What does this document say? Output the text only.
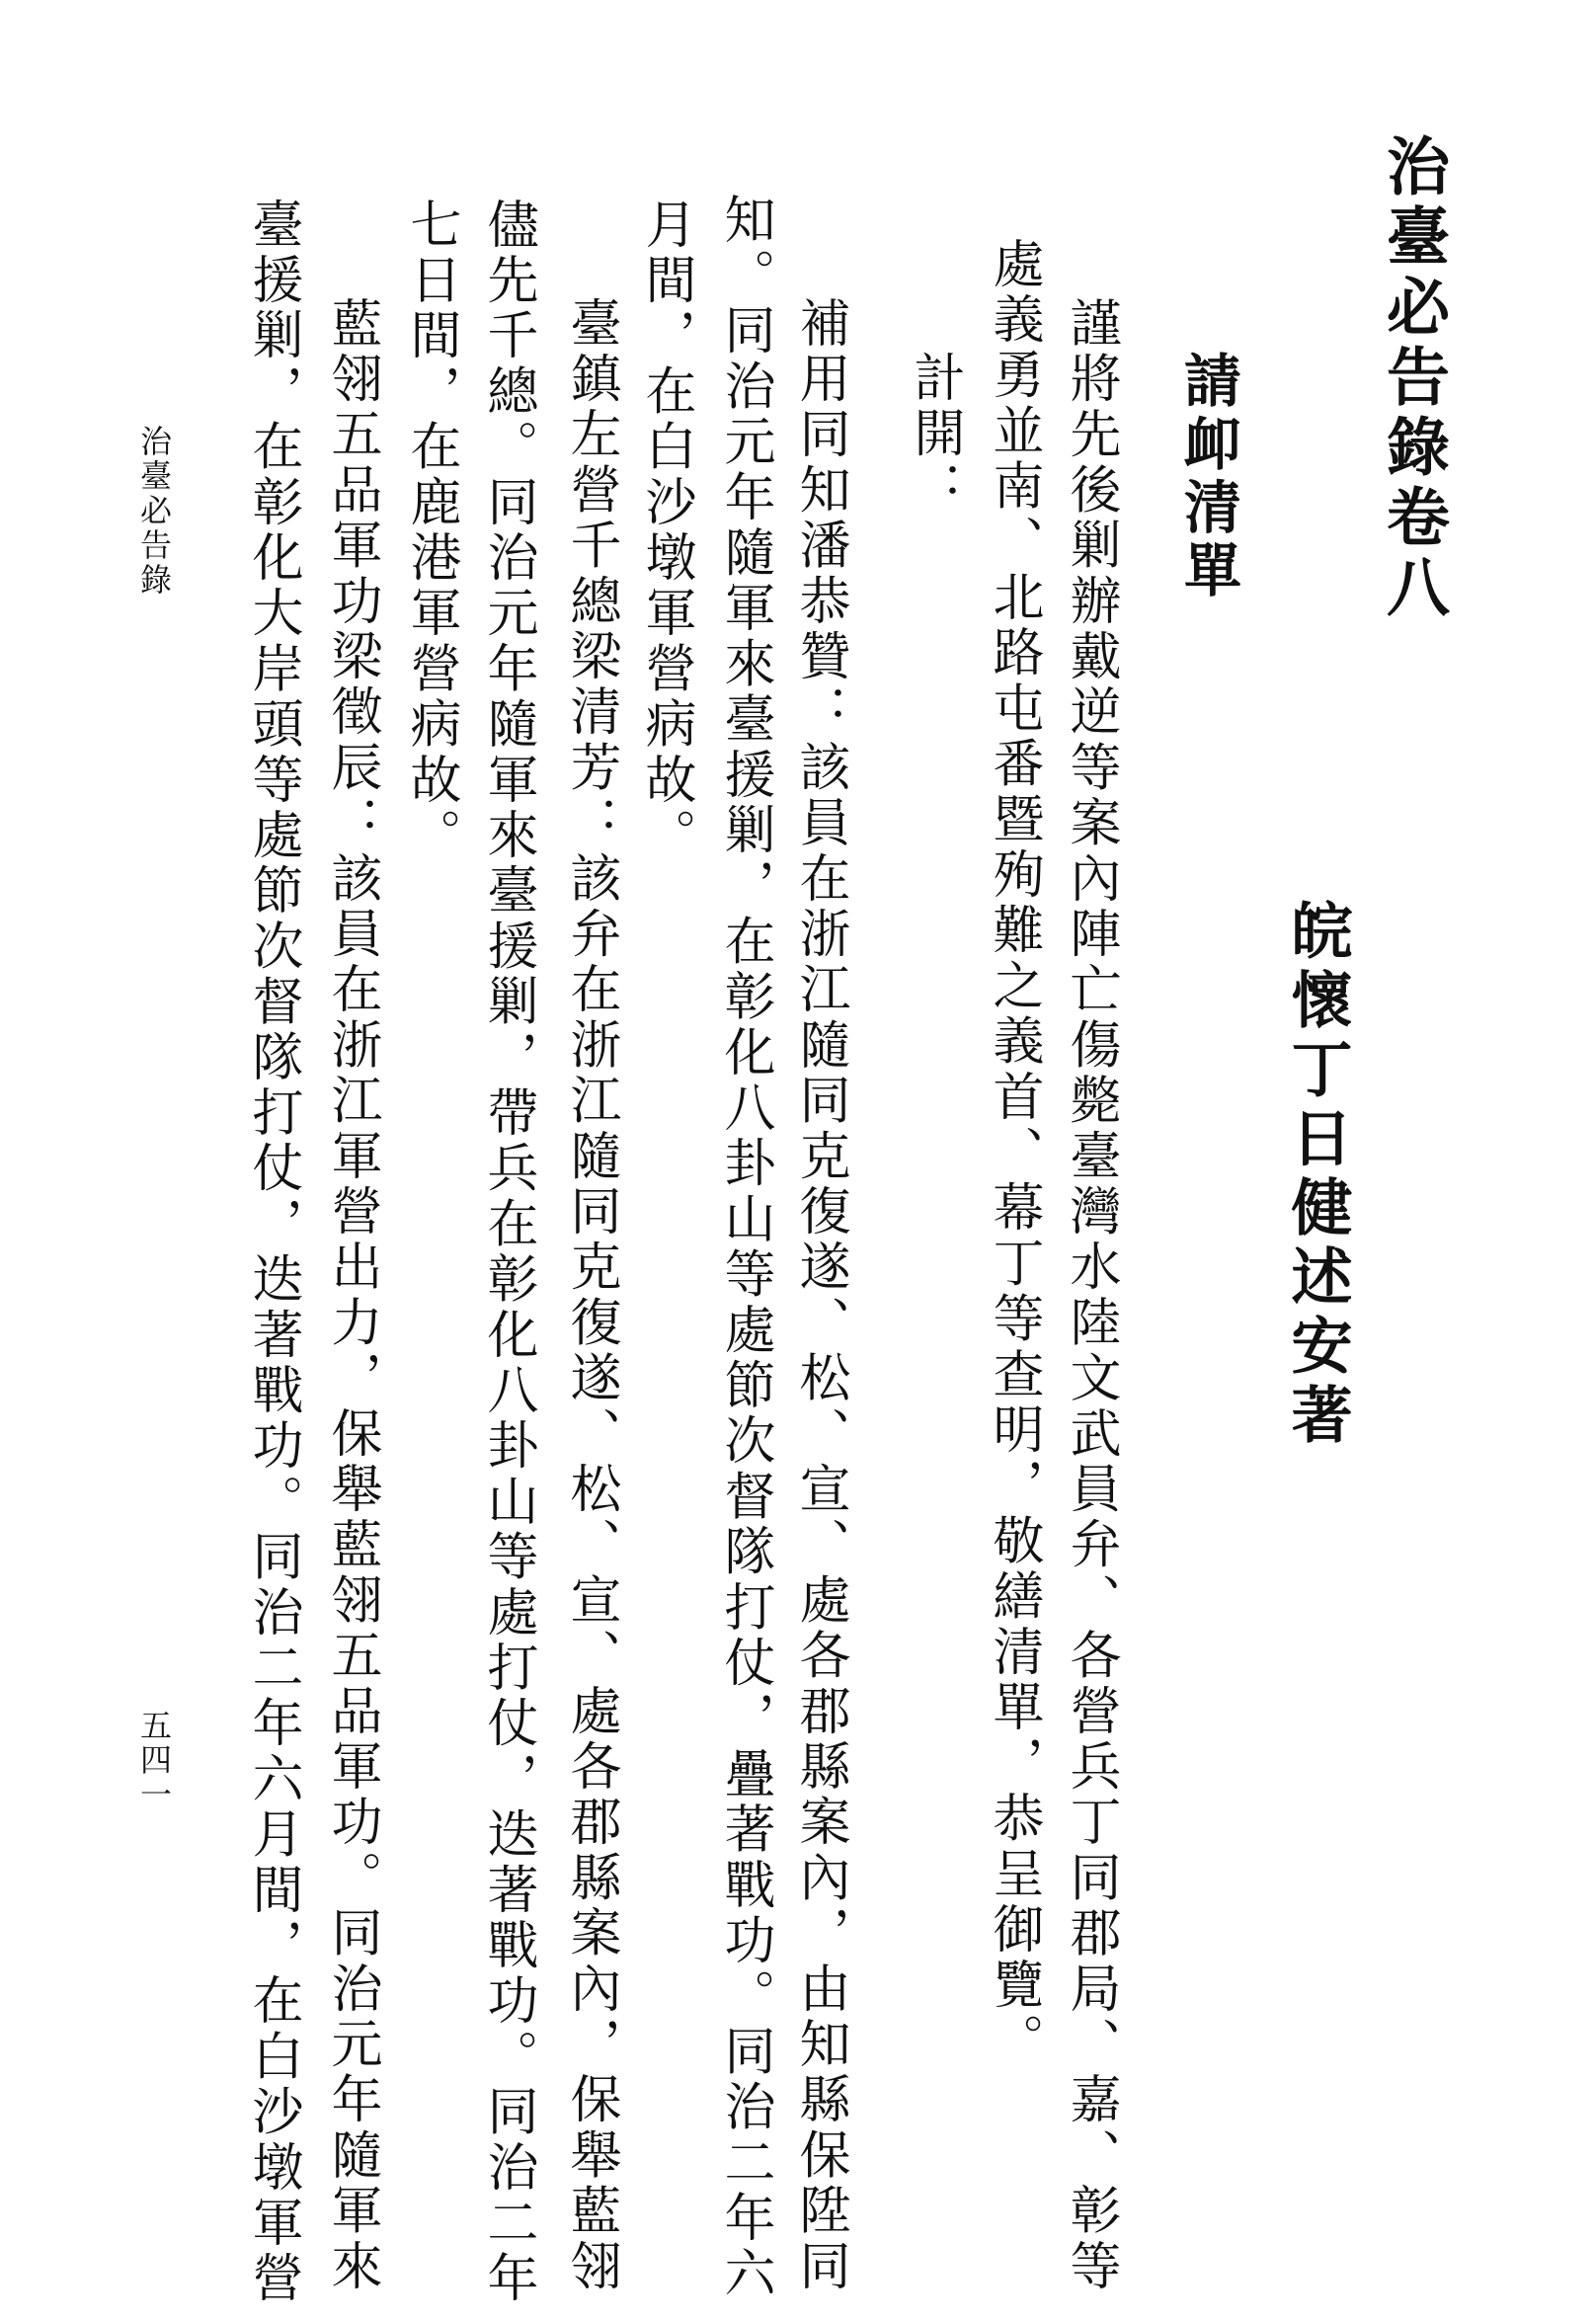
治臺必告錄卷八

皖懷丁日健述安著

請卹清單

謹將先後剿辦戴逆等案內陣亡傷斃臺灣水陸文武員弁、各營兵丁同郡局、嘉、彰等

處義勇並南、北路屯番暨殉難之義首、幕丁等查明，敬繕清單，恭呈御覽。

計開：

補用同知潘恭贊：該員在浙江隨同克復遂、松、宣、處各郡縣案內，由知縣保陞同

知。同治元年隨軍來臺援剿，在彰化八卦山等處節次督隊打仗，疊著戰功。同治二年六

月間，在白沙墩軍營病故。

臺鎮左營千總梁清芳：該弁在浙江隨同克復遂、松、宣、處各郡縣案內，保舉藍翎

儘先千總。同治元年隨軍來臺援剿，帶兵在彰化八卦山等處打仗，迭著戰功。同治二年

七日間，在鹿港軍營病故。

藍翎五品軍功梁徵辰：該員在浙江軍營出力，保舉藍翎五品軍功。同治元年隨軍來

臺援剿，在彰化大岸頭等處節次督隊打仗，迭著戰功。同治二年六月間，在白沙墩軍營

治臺必告錄

五四一
